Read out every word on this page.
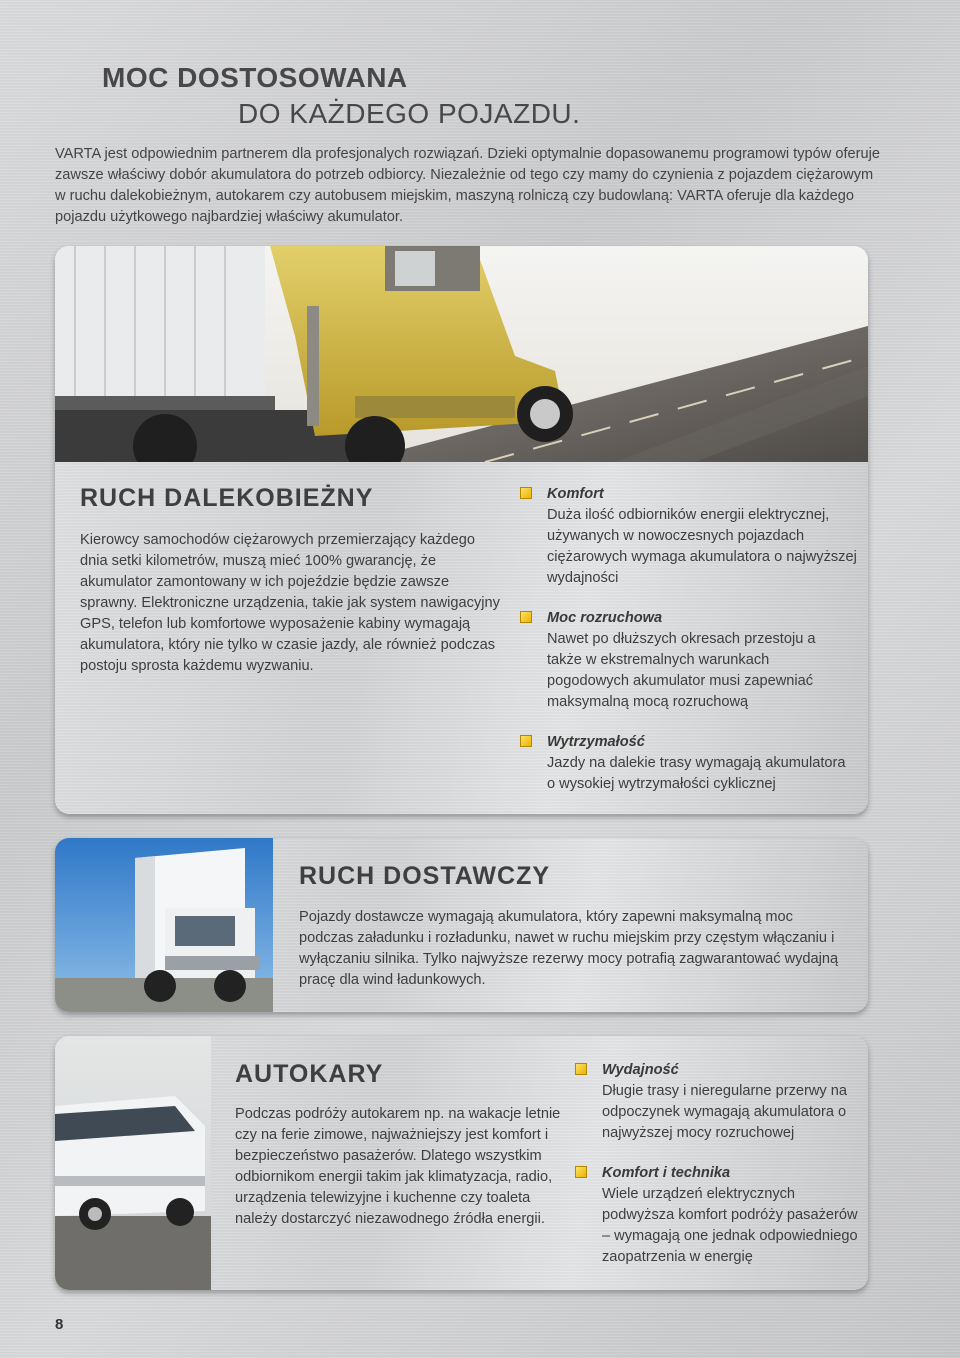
MOC DOSTOSOWANA
DO KAŻDEGO POJAZDU.
VARTA jest odpowiednim partnerem dla profesjonalych rozwiązań. Dzieki optymalnie dopasowanemu programowi typów oferuje zawsze właściwy dobór akumulatora do potrzeb odbiorcy. Niezależnie od tego czy mamy do czynienia z pojazdem ciężarowym w ruchu dalekobieżnym, autokarem czy autobusem miejskim, maszyną rolniczą czy budowlaną: VARTA oferuje dla każdego pojazdu użytkowego najbardziej właściwy akumulator.
RUCH DALEKOBIEŻNY
Kierowcy samochodów ciężarowych przemierzający każdego dnia setki kilometrów, muszą mieć 100% gwarancję, że akumulator zamontowany w ich pojeździe będzie zawsze sprawny. Elektroniczne urządzenia, takie jak system nawigacyjny GPS, telefon lub komfortowe wyposażenie kabiny wymagają akumulatora, który nie tylko w czasie jazdy, ale również podczas postoju sprosta każdemu wyzwaniu.
Komfort
Duża ilość odbiorników energii elektrycznej, używanych w nowoczesnych pojazdach ciężarowych wymaga akumulatora o najwyższej wydajności
Moc rozruchowa
Nawet po dłuższych okresach przestoju a także w ekstremalnych warunkach pogodowych akumulator musi zapewniać maksymalną mocą rozruchową
Wytrzymałość
Jazdy na dalekie trasy wymagają akumulatora o wysokiej wytrzymałości cyklicznej
RUCH DOSTAWCZY
Pojazdy dostawcze wymagają akumulatora, który zapewni maksymalną moc podczas załadunku i rozładunku, nawet w ruchu miejskim przy częstym włączaniu i wyłączaniu silnika. Tylko najwyższe rezerwy mocy potrafią zagwarantować wydajną pracę dla wind ładunkowych.
AUTOKARY
Podczas podróży autokarem np. na wakacje letnie czy na ferie zimowe, najważniejszy jest komfort i bezpieczeństwo pasażerów. Dlatego wszystkim odbiornikom energii takim jak klimatyzacja, radio, urządzenia telewizyjne i kuchenne czy toaleta należy dostarczyć niezawodnego źródła energii.
Wydajność
Długie trasy i nieregularne przerwy na odpoczynek wymagają akumulatora o najwyższej mocy rozruchowej
Komfort i technika
Wiele urządzeń elektrycznych podwyższa komfort podróży pasażerów – wymagają one jednak odpowiedniego zaopatrzenia w energię
8
